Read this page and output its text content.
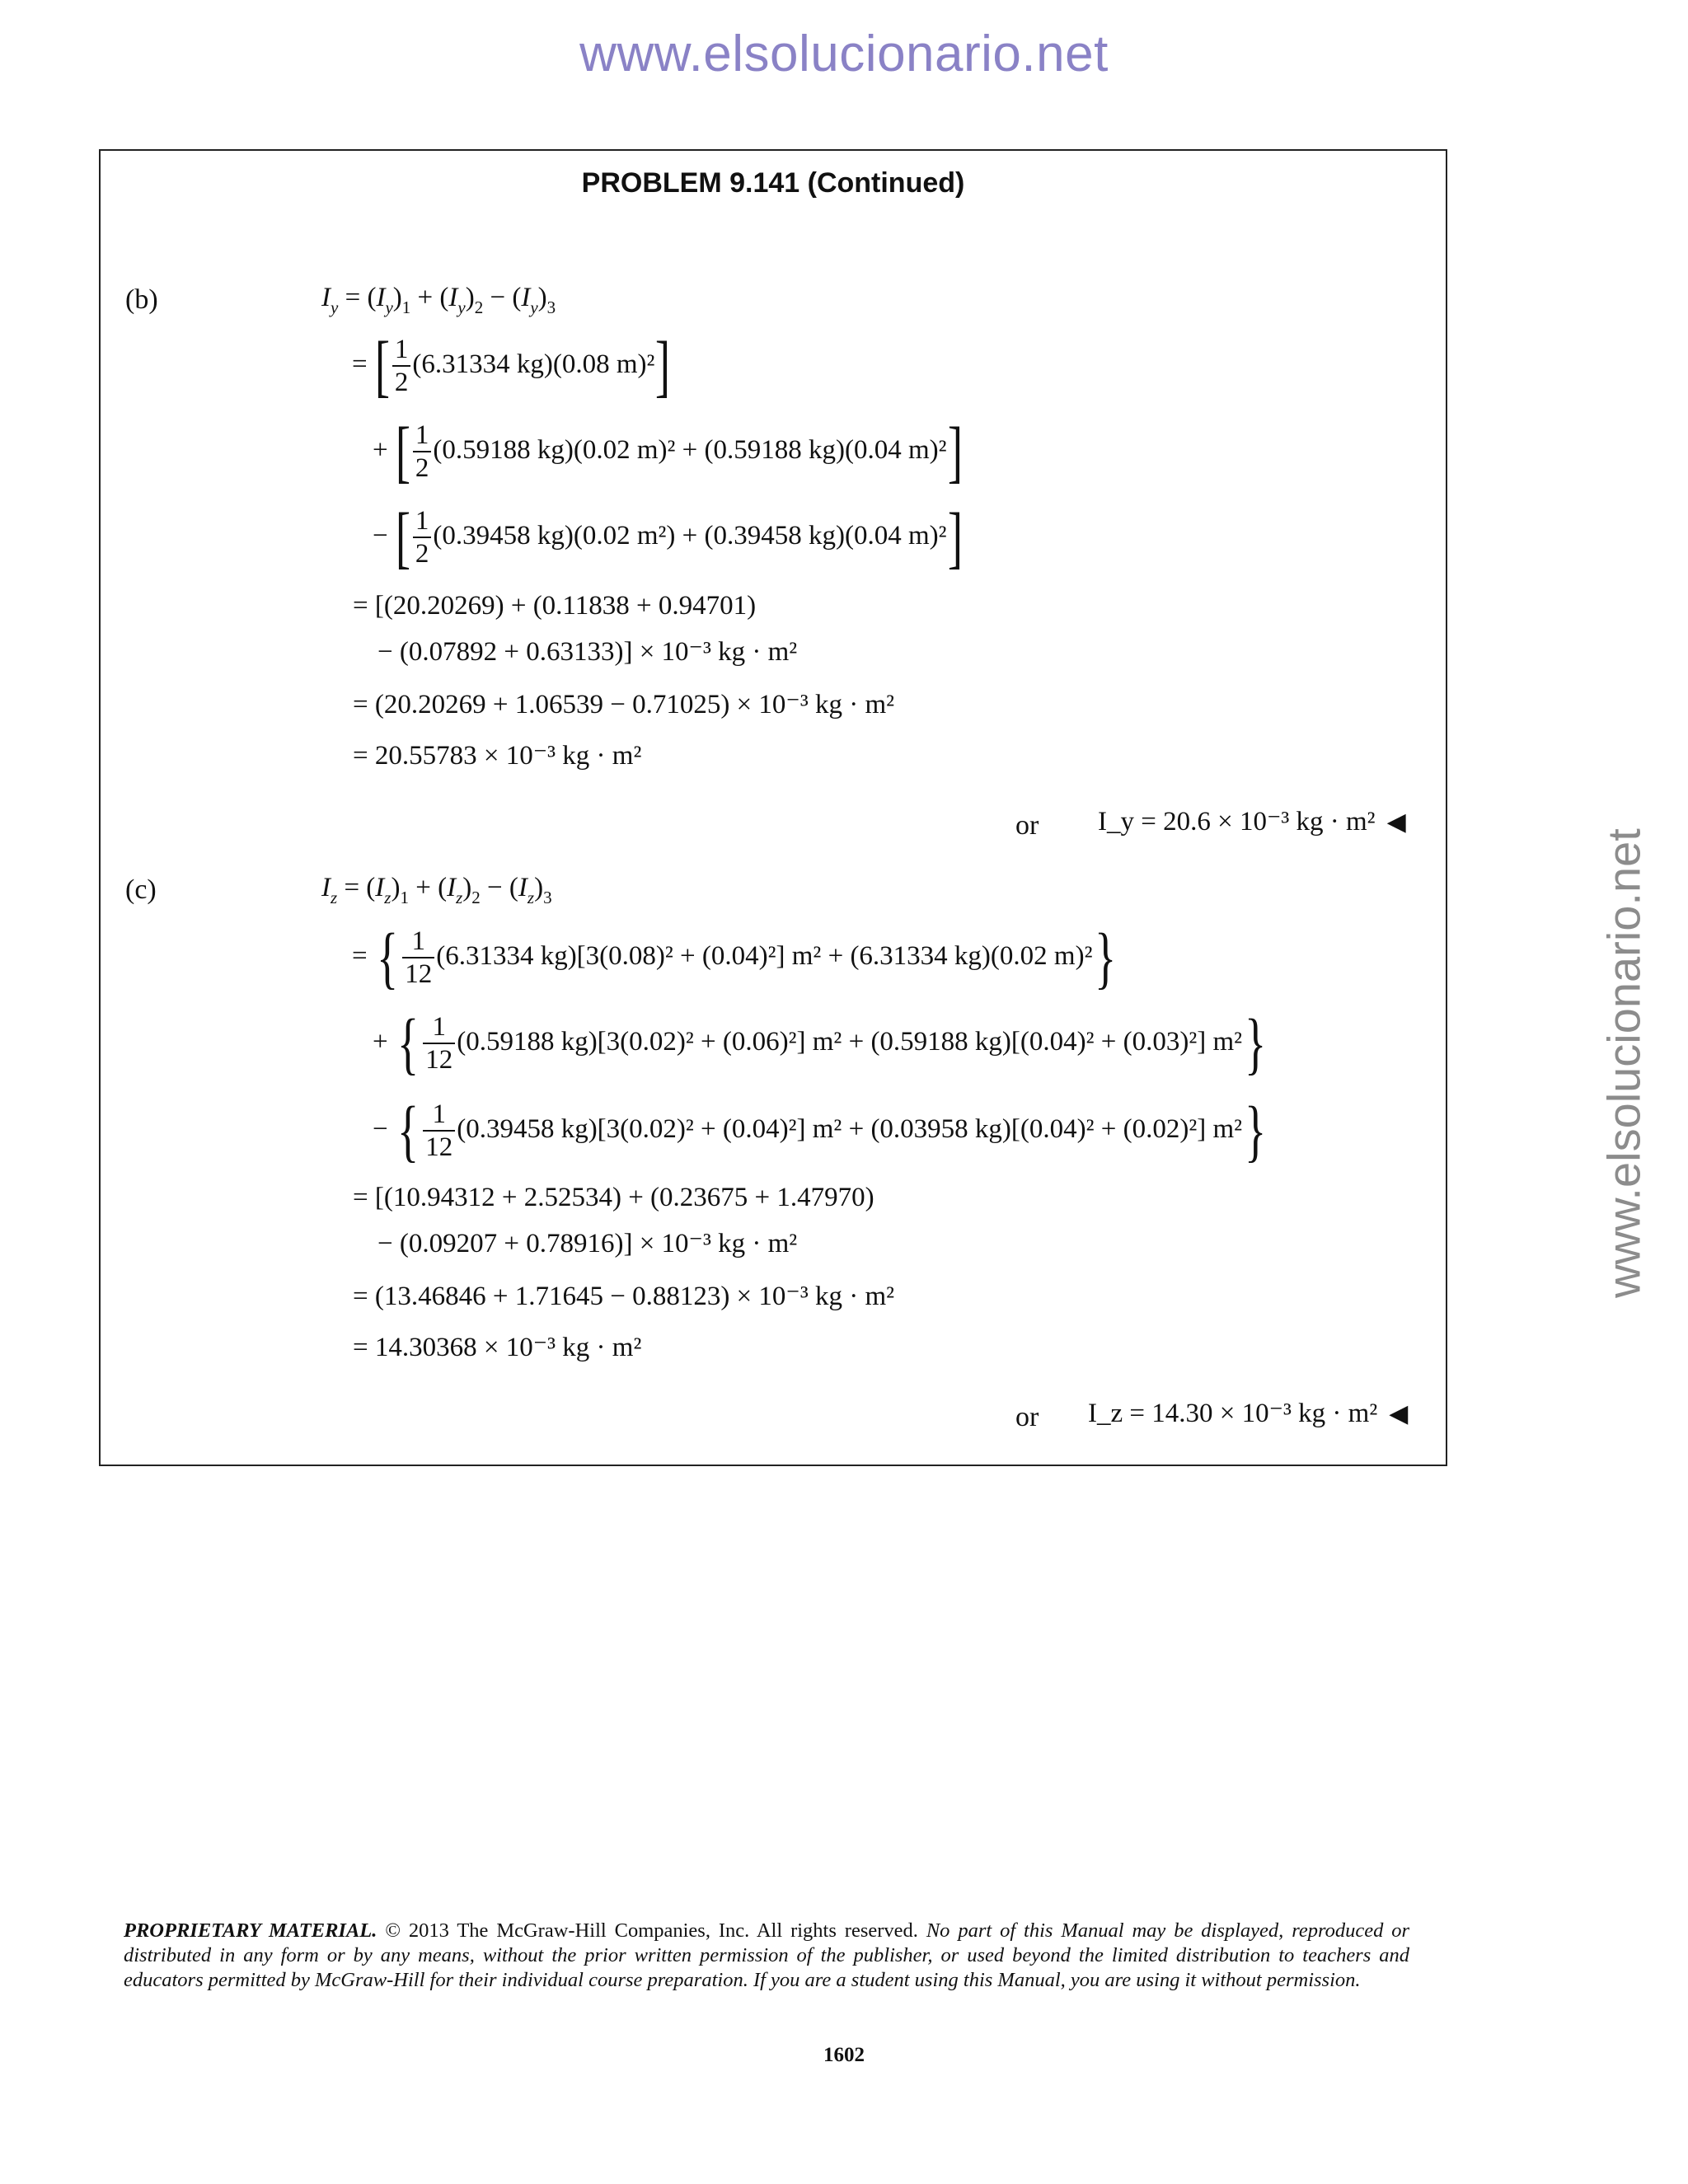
www.elsolucionario.net
www.elsolucionario.net
PROBLEM 9.141 (Continued)
(b)	$I_y = (I_y)_1 + (I_y)_2 - (I_y)_3$
= [ $\frac{1}{2} (6.31334$ kg)(0.08 m)²]
+ [ $\frac{1}{2} (0.59188$ kg)(0.02 m)² + (0.59188 kg)(0.04 m)²]
− [ $\frac{1}{2} (0.39458$ kg)(0.02 m²) + (0.39458 kg)(0.04 m)²]
= [(20.20269) + (0.11838 + 0.94701)
− (0.07892 + 0.63133)] × 10⁻³ kg · m²
= (20.20269 + 1.06539 − 0.71025) × 10⁻³ kg · m²
= 20.55783 × 10⁻³ kg · m²
or I_y = 20.6 × 10⁻³ kg · m² ◀
(c)	$I_z = (I_z)_1 + (I_z)_2 - (I_z)_3$
= { $\frac{1}{12} (6.31334$ kg)[3(0.08)² + (0.04)²] m² + (6.31334 kg)(0.02 m)²}
+ { $\frac{1}{12} (0.59188$ kg)[3(0.02)² + (0.06)²] m² + (0.59188 kg)[(0.04)² + (0.03)²] m²}
− { $\frac{1}{12} (0.39458$ kg)[3(0.02)² + (0.04)²] m² + (0.03958 kg)[(0.04)² + (0.02)²] m²}
= [(10.94312 + 2.52534) + (0.23675 + 1.47970)
− (0.09207 + 0.78916)] × 10⁻³ kg · m²
= (13.46846 + 1.71645 − 0.88123) × 10⁻³ kg · m²
= 14.30368 × 10⁻³ kg · m²
or I_z = 14.30 × 10⁻³ kg · m² ◀
PROPRIETARY MATERIAL. © 2013 The McGraw-Hill Companies, Inc. All rights reserved. No part of this Manual may be displayed, reproduced or distributed in any form or by any means, without the prior written permission of the publisher, or used beyond the limited distribution to teachers and educators permitted by McGraw-Hill for their individual course preparation. If you are a student using this Manual, you are using it without permission.
1602
